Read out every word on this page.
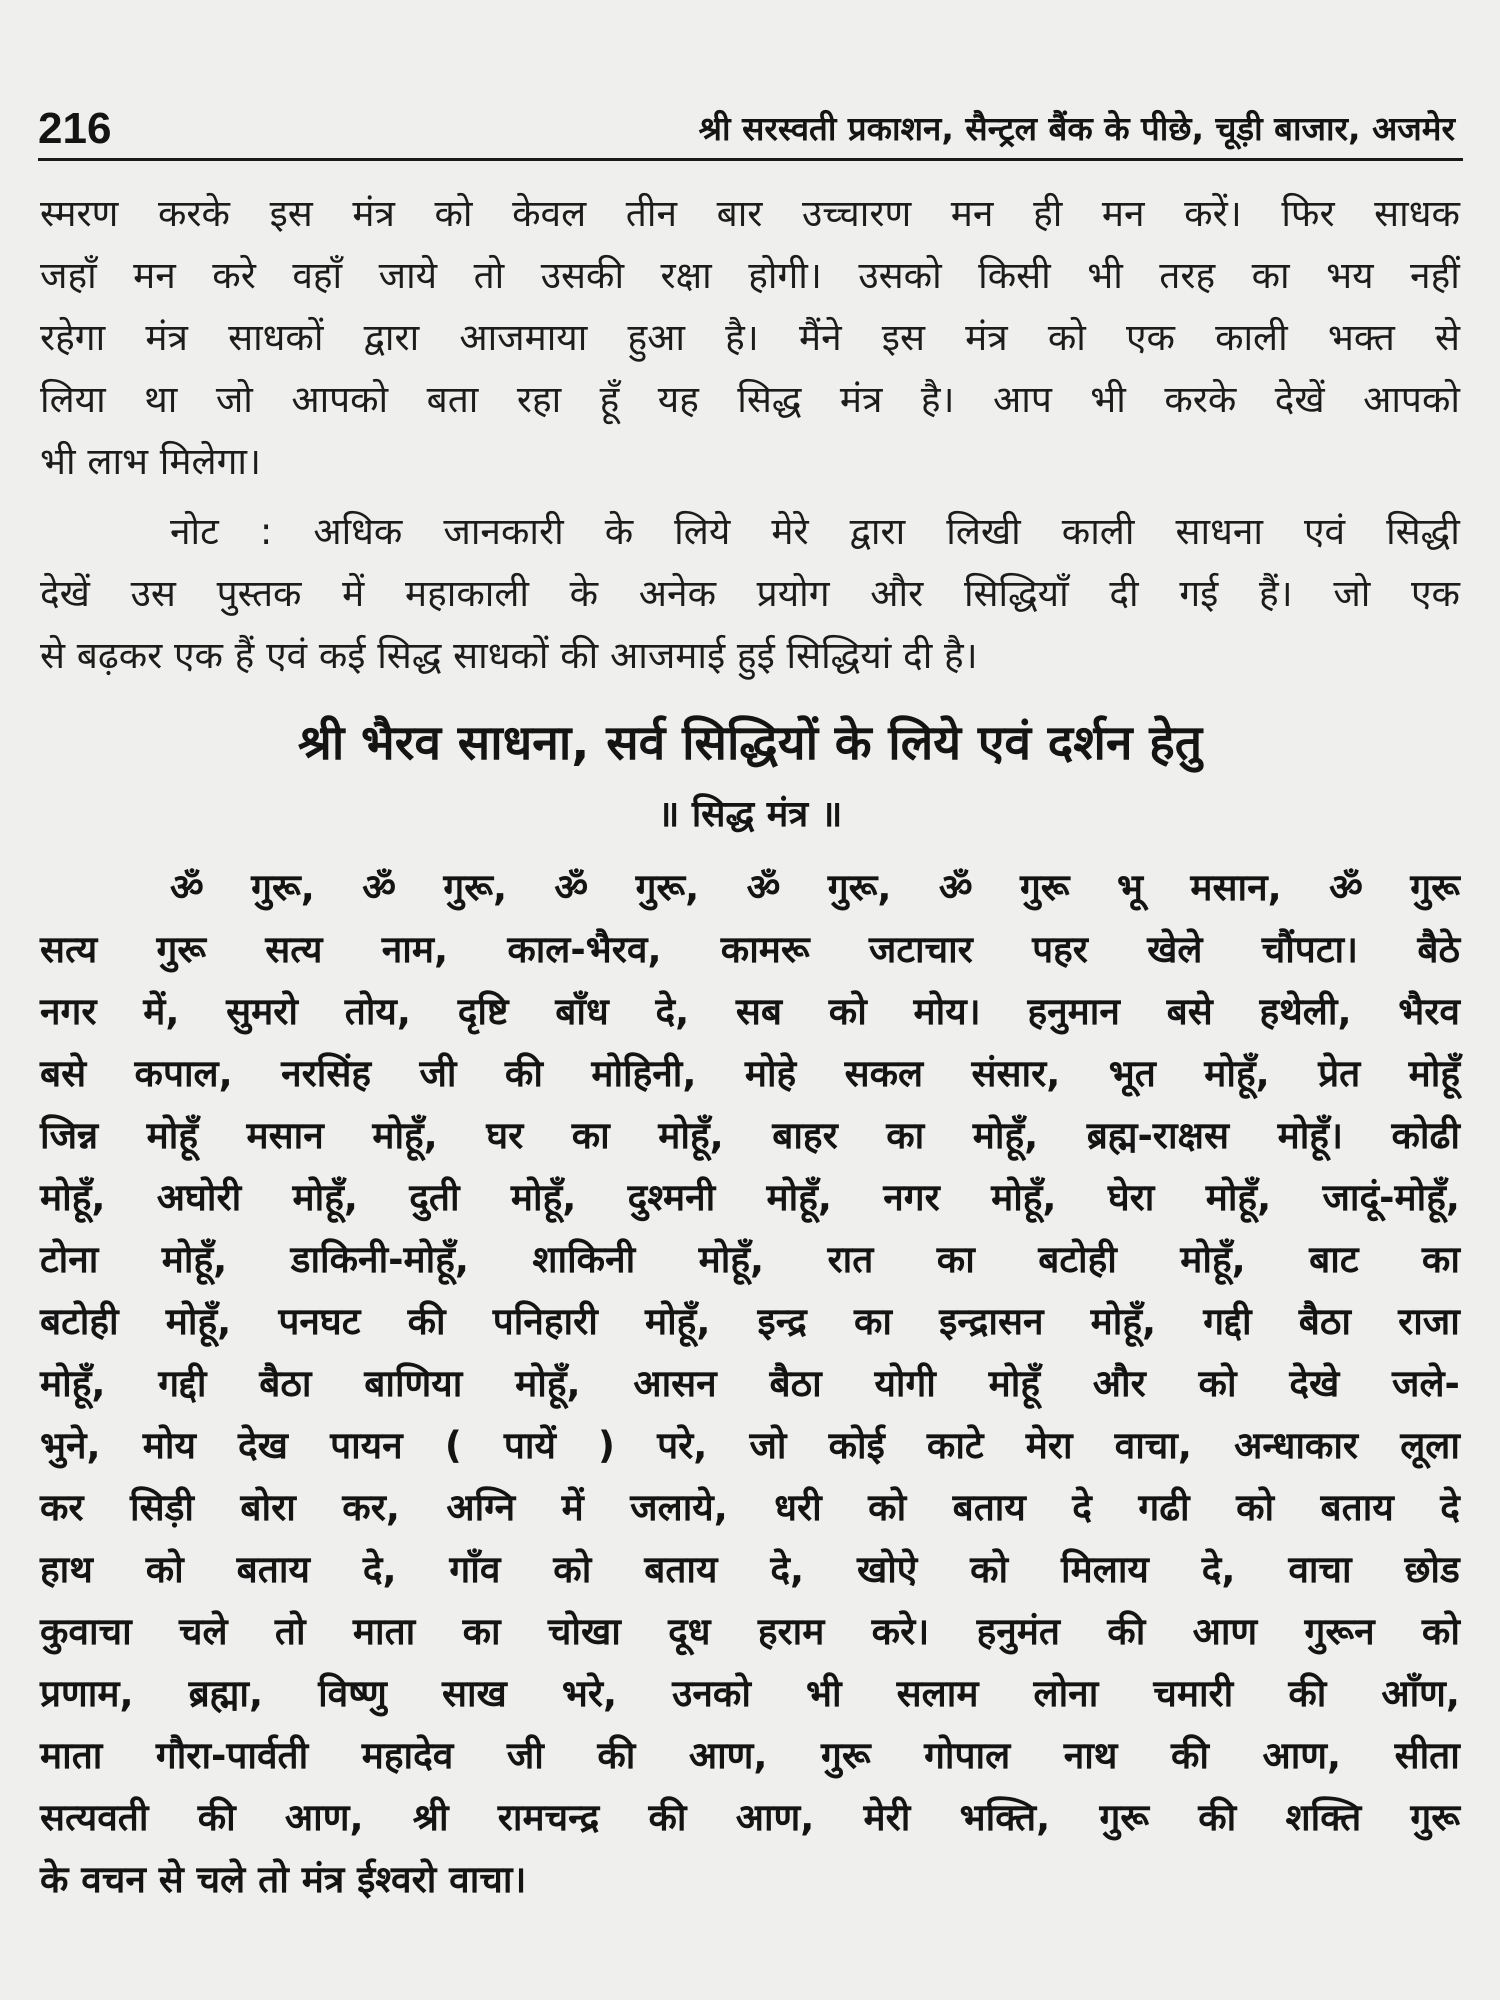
216	श्री सरस्वती प्रकाशन, सैन्ट्रल बैंक के पीछे, चूड़ी बाजार, अजमेर
स्मरण करके इस मंत्र को केवल तीन बार उच्चारण मन ही मन करें। फिर साधक
जहाँ मन करे वहाँ जाये तो उसकी रक्षा होगी। उसको किसी भी तरह का भय नहीं
रहेगा मंत्र साधकों द्वारा आजमाया हुआ है। मैंने इस मंत्र को एक काली भक्त से
लिया था जो आपको बता रहा हूँ यह सिद्ध मंत्र है। आप भी करके देखें आपको
भी लाभ मिलेगा।
नोट : अधिक जानकारी के लिये मेरे द्वारा लिखी काली साधना एवं सिद्धी
देखें उस पुस्तक में महाकाली के अनेक प्रयोग और सिद्धियाँ दी गई हैं। जो एक
से बढ़कर एक हैं एवं कई सिद्ध साधकों की आजमाई हुई सिद्धियां दी है।
श्री भैरव साधना, सर्व सिद्धियों के लिये एवं दर्शन हेतु
॥ सिद्ध मंत्र ॥
ॐ गुरू, ॐ गुरू, ॐ गुरू, ॐ गुरू, ॐ गुरू भू मसान, ॐ गुरू
सत्य गुरू सत्य नाम, काल-भैरव, कामरू जटाचार पहर खेले चौंपटा। बैठे
नगर में, सुमरो तोय, दृष्टि बाँध दे, सब को मोय। हनुमान बसे हथेली, भैरव
बसे कपाल, नरसिंह जी की मोहिनी, मोहे सकल संसार, भूत मोहूँ, प्रेत मोहूँ
जिन्न मोहूँ मसान मोहूँ, घर का मोहूँ, बाहर का मोहूँ, ब्रह्म-राक्षस मोहूँ। कोढी
मोहूँ, अघोरी मोहूँ, दुती मोहूँ, दुश्मनी मोहूँ, नगर मोहूँ, घेरा मोहूँ, जादूं-मोहूँ,
टोना मोहूँ, डाकिनी-मोहूँ, शाकिनी मोहूँ, रात का बटोही मोहूँ, बाट का
बटोही मोहूँ, पनघट की पनिहारी मोहूँ, इन्द्र का इन्द्रासन मोहूँ, गद्दी बैठा राजा
मोहूँ, गद्दी बैठा बाणिया मोहूँ, आसन बैठा योगी मोहूँ और को देखे जले-
भुने, मोय देख पायन ( पायें ) परे, जो कोई काटे मेरा वाचा, अन्धाकार लूला
कर सिड़ी बोरा कर, अग्नि में जलाये, धरी को बताय दे गढी को बताय दे
हाथ को बताय दे, गाँव को बताय दे, खोऐ को मिलाय दे, वाचा छोड
कुवाचा चले तो माता का चोखा दूध हराम करे। हनुमंत की आण गुरून को
प्रणाम, ब्रह्मा, विष्णु साख भरे, उनको भी सलाम लोना चमारी की आँण,
माता गौरा-पार्वती महादेव जी की आण, गुरू गोपाल नाथ की आण, सीता
सत्यवती की आण, श्री रामचन्द्र की आण, मेरी भक्ति, गुरू की शक्ति गुरू
के वचन से चले तो मंत्र ईश्वरो वाचा।
